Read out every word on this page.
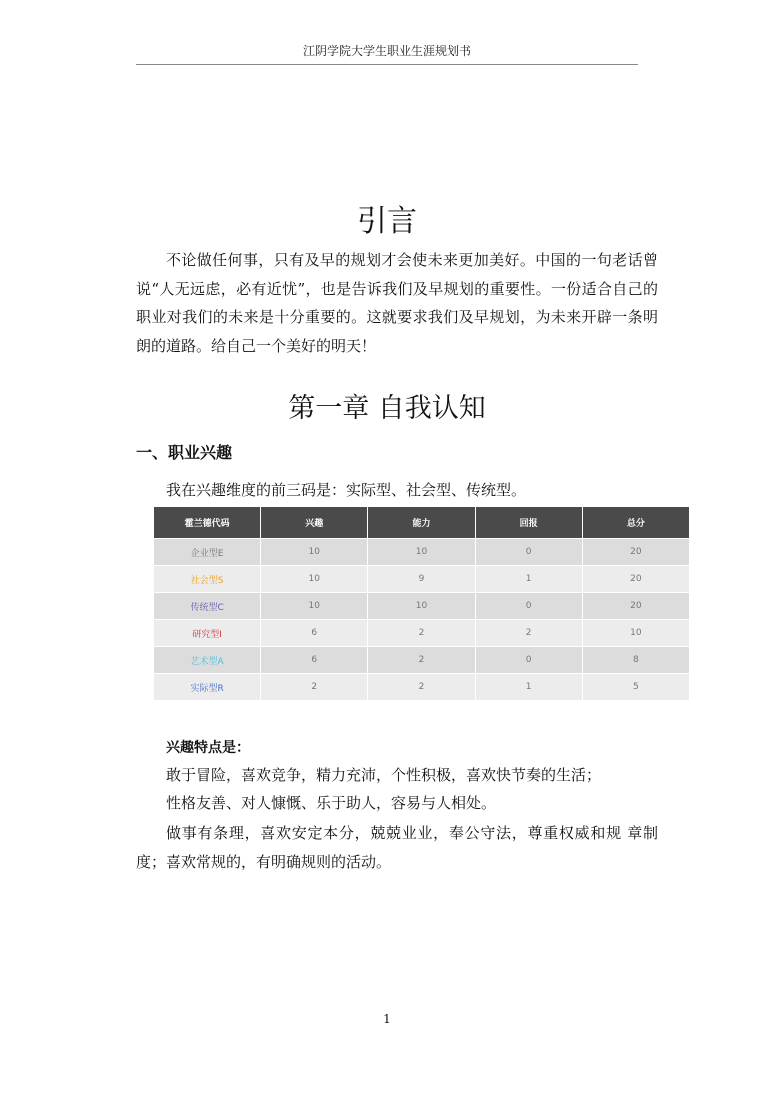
江阴学院大学生职业生涯规划书
引言

不论做任何事，只有及早的规划才会使未来更加美好。中国的一句老话曾说“人无远虑，必有近忧”，也是告诉我们及早规划的重要性。一份适合自己的职业对我们的未来是十分重要的。这就要求我们及早规划，为未来开辟一条明朗的道路。给自己一个美好的明天！

第一章 自我认知
一、职业兴趣

我在兴趣维度的前三码是：实际型、社会型、传统型。

霍兰德代码	兴趣	能力	回报	总分
企业型E	10	10	0	20
社会型S	10	9	1	20
传统型C	10	10	0	20
研究型I	6	2	2	10
艺术型A	6	2	0	8
实际型R	2	2	1	5

兴趣特点是：

敢于冒险，喜欢竞争，精力充沛，个性积极，喜欢快节奏的生活；

性格友善、对人慷慨、乐于助人，容易与人相处。

做事有条理，喜欢安定本分，兢兢业业，奉公守法，尊重权威和规 章制度；喜欢常规的，有明确规则的活动。

1
